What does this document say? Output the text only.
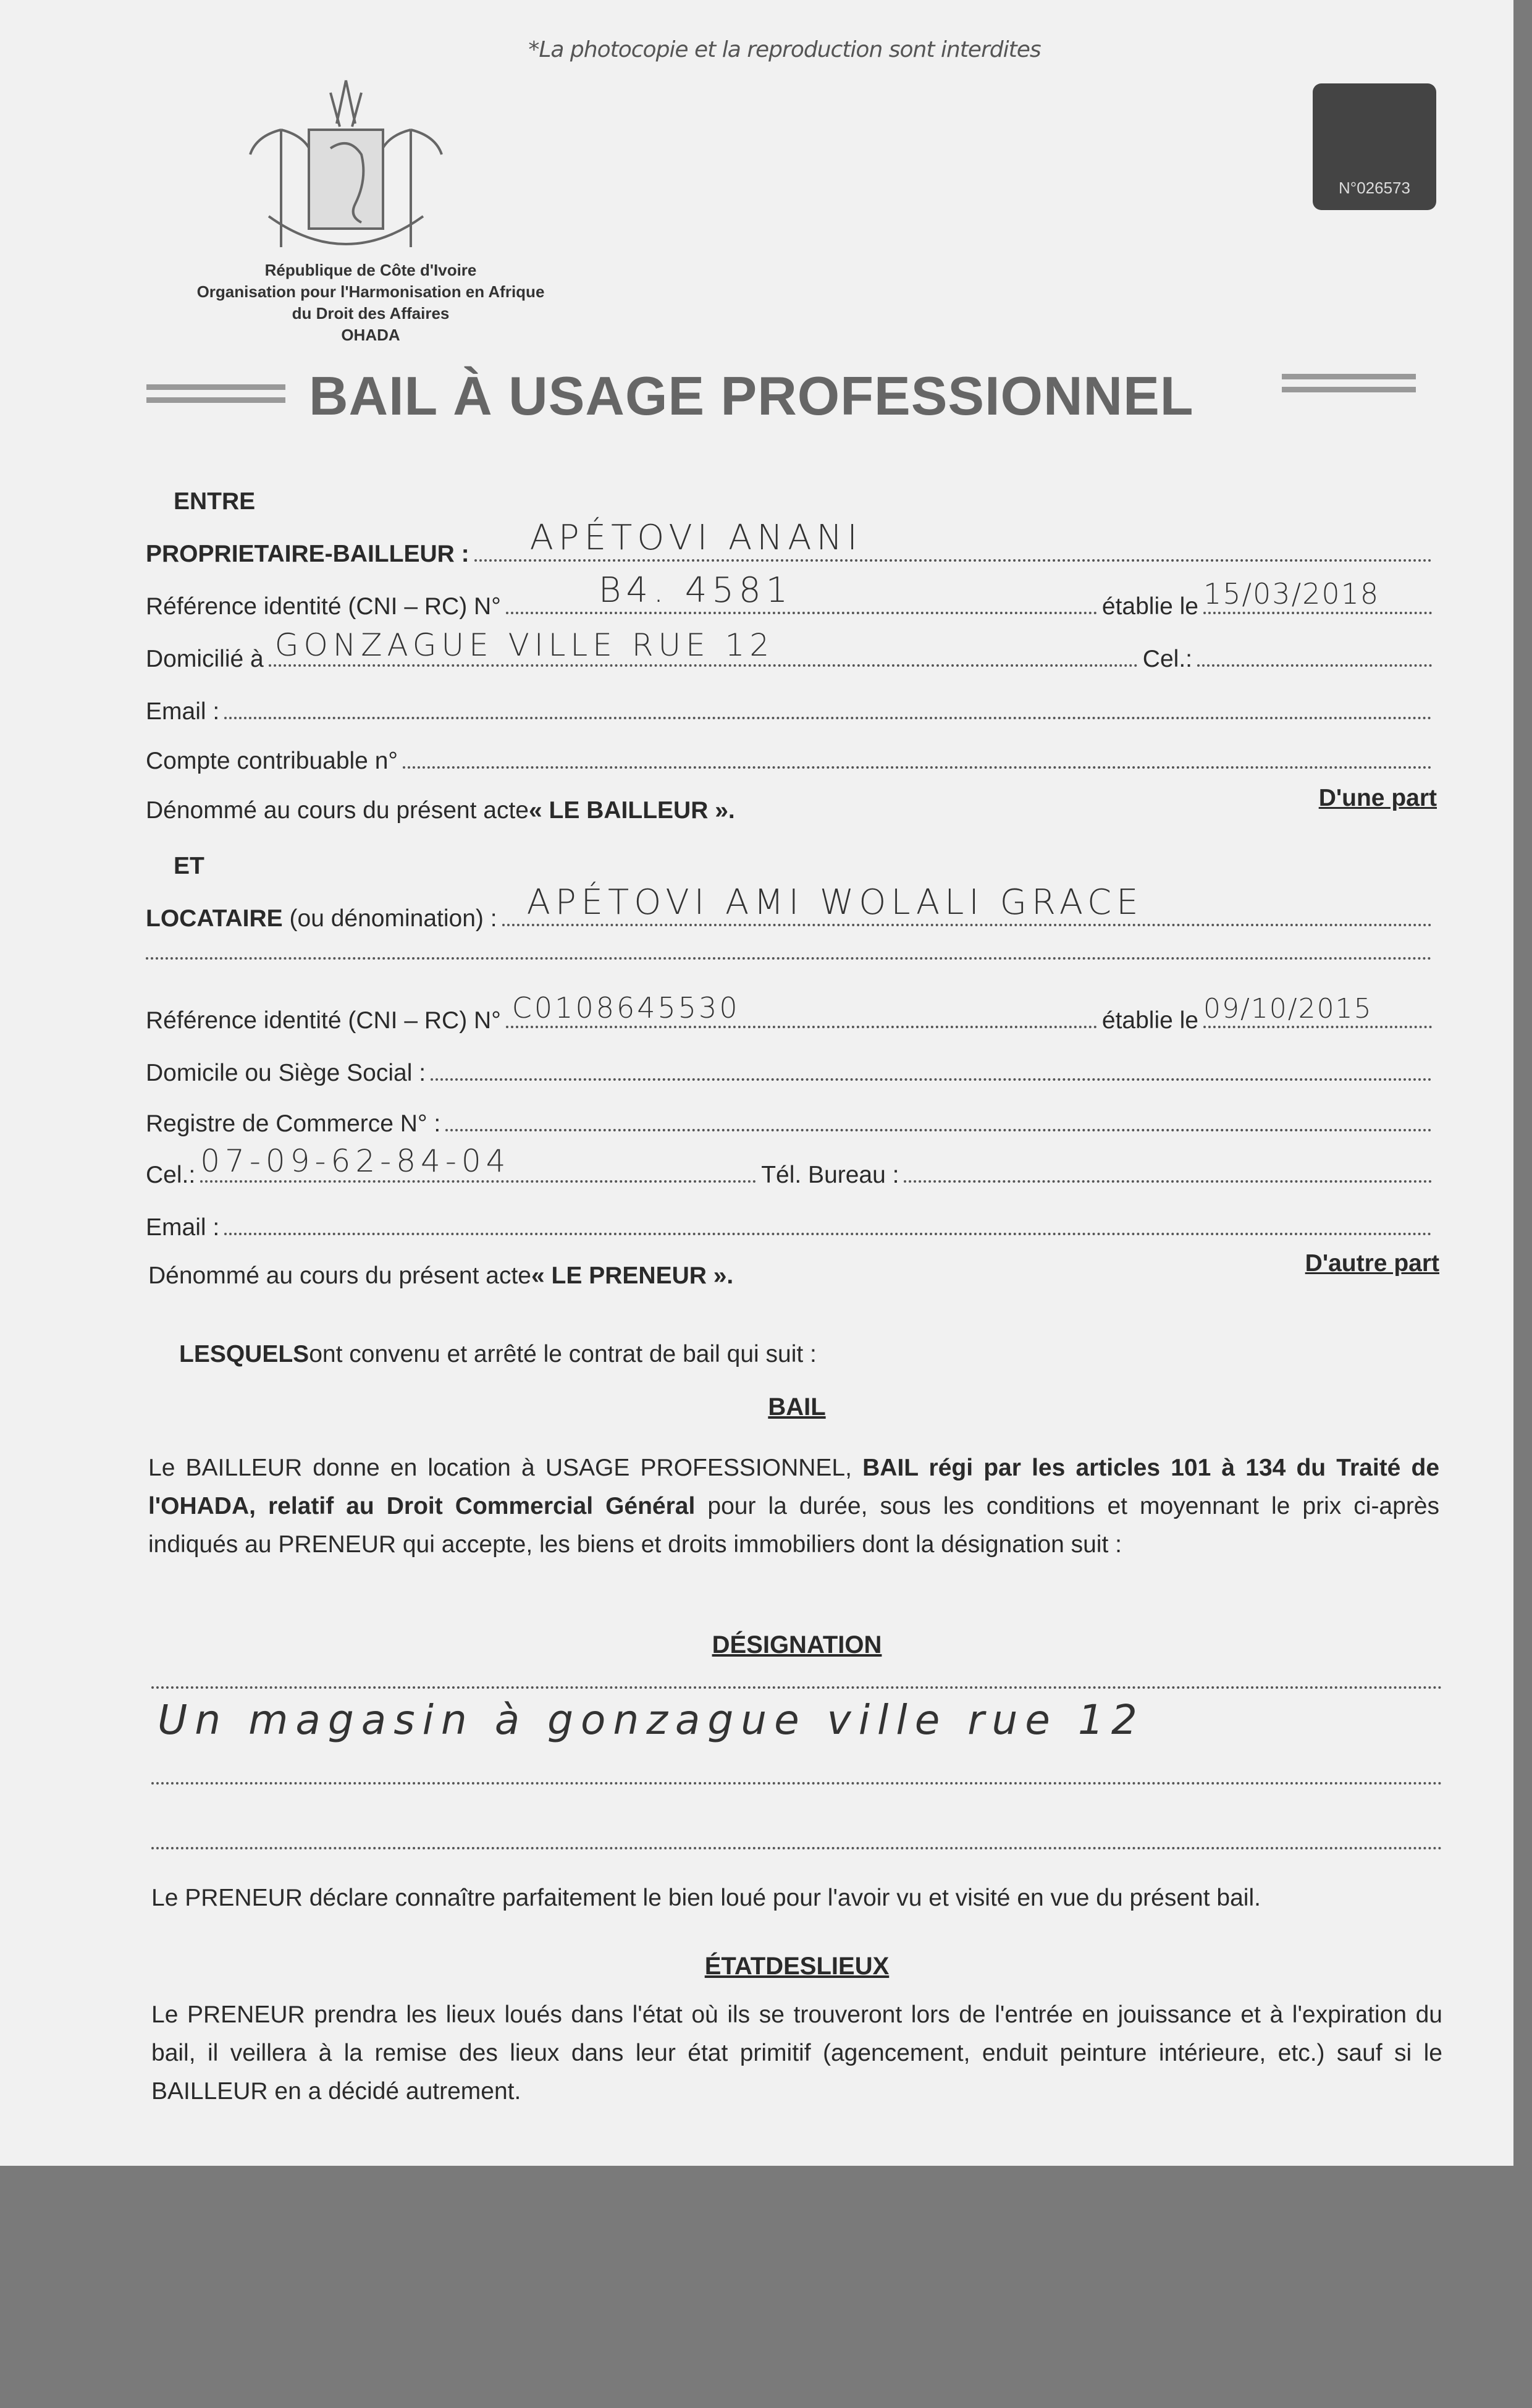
*La photocopie et la reproduction sont interdites
République de Côte d'Ivoire
Organisation pour l'Harmonisation en Afrique
du Droit des Affaires
OHADA
N°026573
BAIL À USAGE PROFESSIONNEL
ENTRE
PROPRIETAIRE-BAILLEUR : APÉTOVI ANANI
Référence identité (CNI – RC) N°	B4. 4581	établie le 15/03/2018
Domicilié à GONZAGUE VILLE RUE 12	Cel.:
Email :
Compte contribuable n°
Dénommé au cours du présent acte « LE BAILLEUR ».	D'une part
ET
LOCATAIRE (ou dénomination) : APÉTOVI AMI WOLALI GRACE
Référence identité (CNI – RC) N° C0108645530	établie le 09/10/2015
Domicile ou Siège Social :
Registre de Commerce N° :
Cel.: 07-09-62-84-04	Tél. Bureau :
Email :
Dénommé au cours du présent acte « LE PRENEUR ».	D'autre part
LESQUELS ont convenu et arrêté le contrat de bail qui suit :
BAIL
Le BAILLEUR donne en location à USAGE PROFESSIONNEL, BAIL régi par les articles 101 à 134 du Traité de l'OHADA, relatif au Droit Commercial Général pour la durée, sous les conditions et moyennant le prix ci-après indiqués au PRENEUR qui accepte, les biens et droits immobiliers dont la désignation suit :
DÉSIGNATION
Un magasin à gonzague ville rue 12
Le PRENEUR déclare connaître parfaitement le bien loué pour l'avoir vu et visité en vue du présent bail.
ÉTATDESLIEUX
Le PRENEUR prendra les lieux loués dans l'état où ils se trouveront lors de l'entrée en jouissance et à l'expiration du bail, il veillera à la remise des lieux dans leur état primitif (agencement, enduit peinture intérieure, etc.) sauf si le BAILLEUR en a décidé autrement.
